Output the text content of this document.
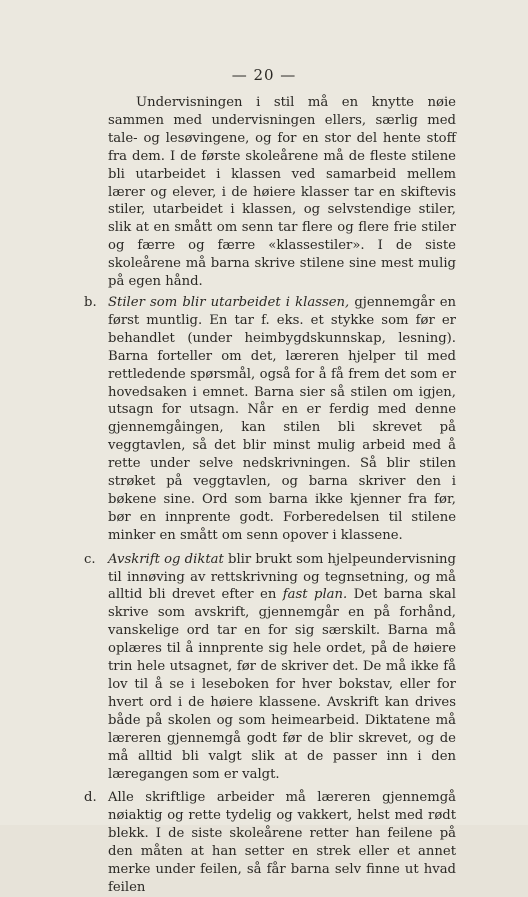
— 20 —

Undervisningen i stil må en knytte nøie sammen med undervisningen ellers, særlig med tale- og lesøvingene, og for en stor del hente stoff fra dem. I de første skoleårene må de fleste stilene bli utarbeidet i klassen ved samarbeid mellem lærer og elever, i de høiere klasser tar en skiftevis stiler, utarbeidet i klassen, og selvstendige stiler, slik at en smått om senn tar flere og flere frie stiler og færre og færre «klassestiler». I de siste skoleårene må barna skrive stilene sine mest mulig på egen hånd.

b. Stiler som blir utarbeidet i klassen, gjennemgår en først muntlig. En tar f. eks. et stykke som før er behandlet (under heimbygdskunnskap, lesning). Barna forteller om det, læreren hjelper til med rettledende spørsmål, også for å få frem det som er hovedsaken i emnet. Barna sier så stilen om igjen, utsagn for utsagn. Når en er ferdig med denne gjennemgåingen, kan stilen bli skrevet på veggtavlen, så det blir minst mulig arbeid med å rette under selve nedskrivningen. Så blir stilen strøket på veggtavlen, og barna skriver den i bøkene sine. Ord som barna ikke kjenner fra før, bør en innprente godt. Forberedelsen til stilene minker en smått om senn opover i klassene.

c. Avskrift og diktat blir brukt som hjelpeundervisning til innøving av rettskrivning og tegnsetning, og må alltid bli drevet efter en fast plan. Det barna skal skrive som avskrift, gjennemgår en på forhånd, vanskelige ord tar en for sig særskilt. Barna må oplæres til å innprente sig hele ordet, på de høiere trin hele utsagnet, før de skriver det. De må ikke få lov til å se i leseboken for hver bokstav, eller for hvert ord i de høiere klassene. Avskrift kan drives både på skolen og som heimearbeid. Diktatene må læreren gjennemgå godt før de blir skrevet, og de må alltid bli valgt slik at de passer inn i den læregangen som er valgt.

d. Alle skriftlige arbeider må læreren gjennemgå nøiaktig og rette tydelig og vakkert, helst med rødt blekk. I de siste skoleårene retter han feilene på den måten at han setter en strek eller et annet merke under feilen, så får barna selv finne ut hvad feilen
